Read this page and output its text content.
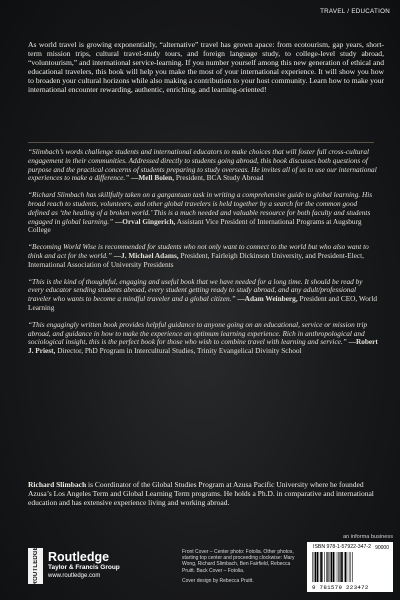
TRAVEL / EDUCATION

As world travel is growing exponentially, “alternative” travel has grown apace: from ecotourism, gap years, short-term mission trips, cultural travel-study tours, and foreign language study, to college-level study abroad, “voluntourism,” and international service-learning. If you number yourself among this new generation of ethical and educational travelers, this book will help you make the most of your international experience. It will show you how to broaden your cultural horizons while also making a contribution to your host community. Learn how to make your international encounter rewarding, authentic, enriching, and learning-oriented!

“Slimbach’s words challenge students and international educators to make choices that will foster full cross-cultural engagement in their communities. Addressed directly to students going abroad, this book discusses both questions of purpose and the practical concerns of students preparing to study overseas. He invites all of us to use our international experiences to make a difference.” —Mell Bolen, President, BCA Study Abroad

“Richard Slimbach has skillfully taken on a gargantuan task in writing a comprehensive guide to global learning. His broad reach to students, volunteers, and other global travelers is held together by a search for the common good defined as ‘the healing of a broken world.’ This is a much needed and valuable resource for both faculty and students engaged in global learning.” —Orval Gingerich, Assistant Vice President of International Programs at Augsburg College

“Becoming World Wise is recommended for students who not only want to connect to the world but who also want to think and act for the world.” —J. Michael Adams, President, Fairleigh Dickinson University, and President-Elect, International Association of University Presidents

“This is the kind of thoughtful, engaging and useful book that we have needed for a long time. It should be read by every educator sending students abroad, every student getting ready to study abroad, and any adult/professional traveler who wants to become a mindful traveler and a global citizen.” —Adam Weinberg, President and CEO, World Learning

“This engagingly written book provides helpful guidance to anyone going on an educational, service or mission trip abroad, and guidance in how to make the experience an optimum learning experience. Rich in anthropological and sociological insight, this is the perfect book for those who wish to combine travel with learning and service.” —Robert J. Priest, Director, PhD Program in Intercultural Studies, Trinity Evangelical Divinity School

Richard Slimbach is Coordinator of the Global Studies Program at Azusa Pacific University where he founded Azusa’s Los Angeles Term and Global Learning Term programs. He holds a Ph.D. in comparative and international education and has extensive experience living and working abroad.

ROUTLEDGE Routledge
Taylor & Francis Group
www.routledge.com

Front Cover – Center photo: Fotolia. Other photos, starting top center and proceeding clockwise: Mary Wong, Richard Slimbach, Ben Fairfield, Rebecca Pruitt. Back Cover – Fotolia.

Cover design by Rebecca Pruitt.

an informa business
ISBN 978-1-57922-347-2 90000
9 781579 223472
